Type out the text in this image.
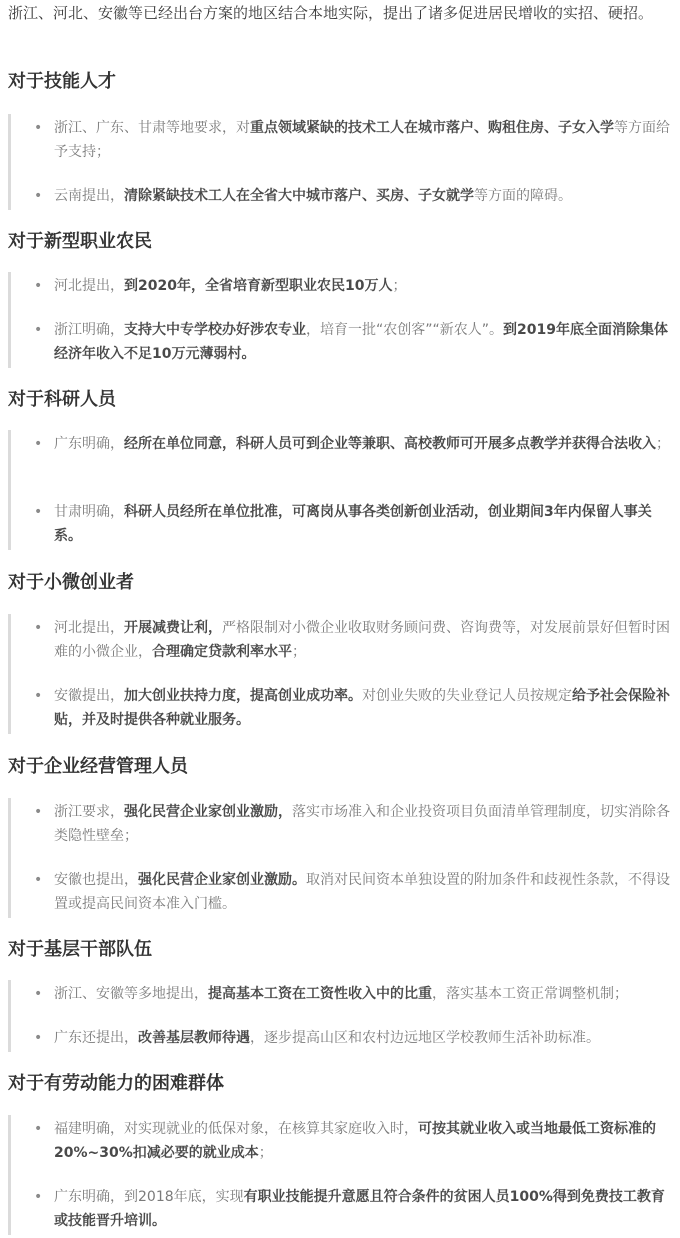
浙江、河北、安徽等已经出台方案的地区结合本地实际，提出了诸多促进居民增收的实招、硬招。

对于技能人才
• 浙江、广东、甘肃等地要求，对重点领域紧缺的技术工人在城市落户、购租住房、子女入学等方面给予支持；
• 云南提出，清除紧缺技术工人在全省大中城市落户、买房、子女就学等方面的障碍。
对于新型职业农民
• 河北提出，到2020年，全省培育新型职业农民10万人；
• 浙江明确，支持大中专学校办好涉农专业，培育一批“农创客”“新农人”。到2019年底全面消除集体经济年收入不足10万元薄弱村。
对于科研人员
• 广东明确，经所在单位同意，科研人员可到企业等兼职、高校教师可开展多点教学并获得合法收入；
• 甘肃明确，科研人员经所在单位批准，可离岗从事各类创新创业活动，创业期间3年内保留人事关系。
对于小微创业者
• 河北提出，开展减费让利，严格限制对小微企业收取财务顾问费、咨询费等，对发展前景好但暂时困难的小微企业，合理确定贷款利率水平；
• 安徽提出，加大创业扶持力度，提高创业成功率。对创业失败的失业登记人员按规定给予社会保险补贴，并及时提供各种就业服务。
对于企业经营管理人员
• 浙江要求，强化民营企业家创业激励，落实市场准入和企业投资项目负面清单管理制度，切实消除各类隐性壁垒；
• 安徽也提出，强化民营企业家创业激励。取消对民间资本单独设置的附加条件和歧视性条款，不得设置或提高民间资本准入门槛。
对于基层干部队伍
• 浙江、安徽等多地提出，提高基本工资在工资性收入中的比重，落实基本工资正常调整机制；
• 广东还提出，改善基层教师待遇，逐步提高山区和农村边远地区学校教师生活补助标准。
对于有劳动能力的困难群体
• 福建明确，对实现就业的低保对象，在核算其家庭收入时，可按其就业收入或当地最低工资标准的20%~30%扣减必要的就业成本；
• 广东明确，到2018年底，实现有职业技能提升意愿且符合条件的贫困人员100%得到免费技工教育或技能晋升培训。
